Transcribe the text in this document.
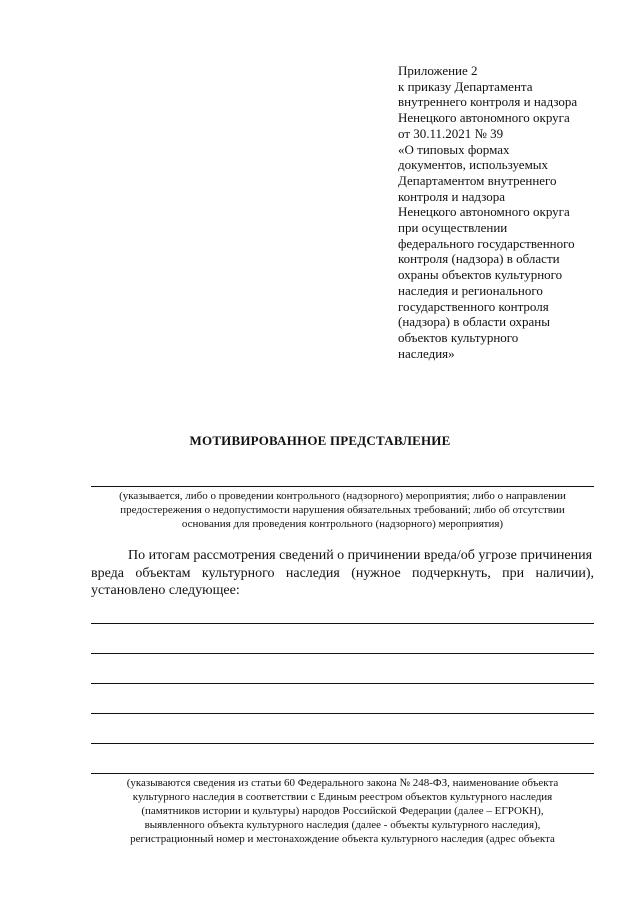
Приложение 2
к приказу Департамента
внутреннего контроля и надзора
Ненецкого автономного округа
от 30.11.2021 № 39
«О типовых формах
документов, используемых
Департаментом внутреннего
контроля и надзора
Ненецкого автономного округа
при осуществлении
федерального государственного
контроля (надзора) в области
охраны объектов культурного
наследия и регионального
государственного контроля
(надзора) в области охраны
объектов культурного
наследия»
МОТИВИРОВАННОЕ ПРЕДСТАВЛЕНИЕ
(указывается, либо о проведении контрольного (надзорного) мероприятия; либо о направлении
предостережения о недопустимости нарушения обязательных требований; либо об отсутствии
основания для проведения контрольного (надзорного) мероприятия)
По итогам рассмотрения сведений о причинении вреда/об угрозе причинения
вреда объектам культурного наследия (нужное подчеркнуть, при наличии),
установлено следующее:
(указываются сведения из статьи 60 Федерального закона № 248-ФЗ, наименование объекта
культурного наследия в соответствии с Единым реестром объектов культурного наследия
(памятников истории и культуры) народов Российской Федерации (далее – ЕГРОКН),
выявленного объекта культурного наследия (далее - объекты культурного наследия),
регистрационный номер и местонахождение объекта культурного наследия (адрес объекта
